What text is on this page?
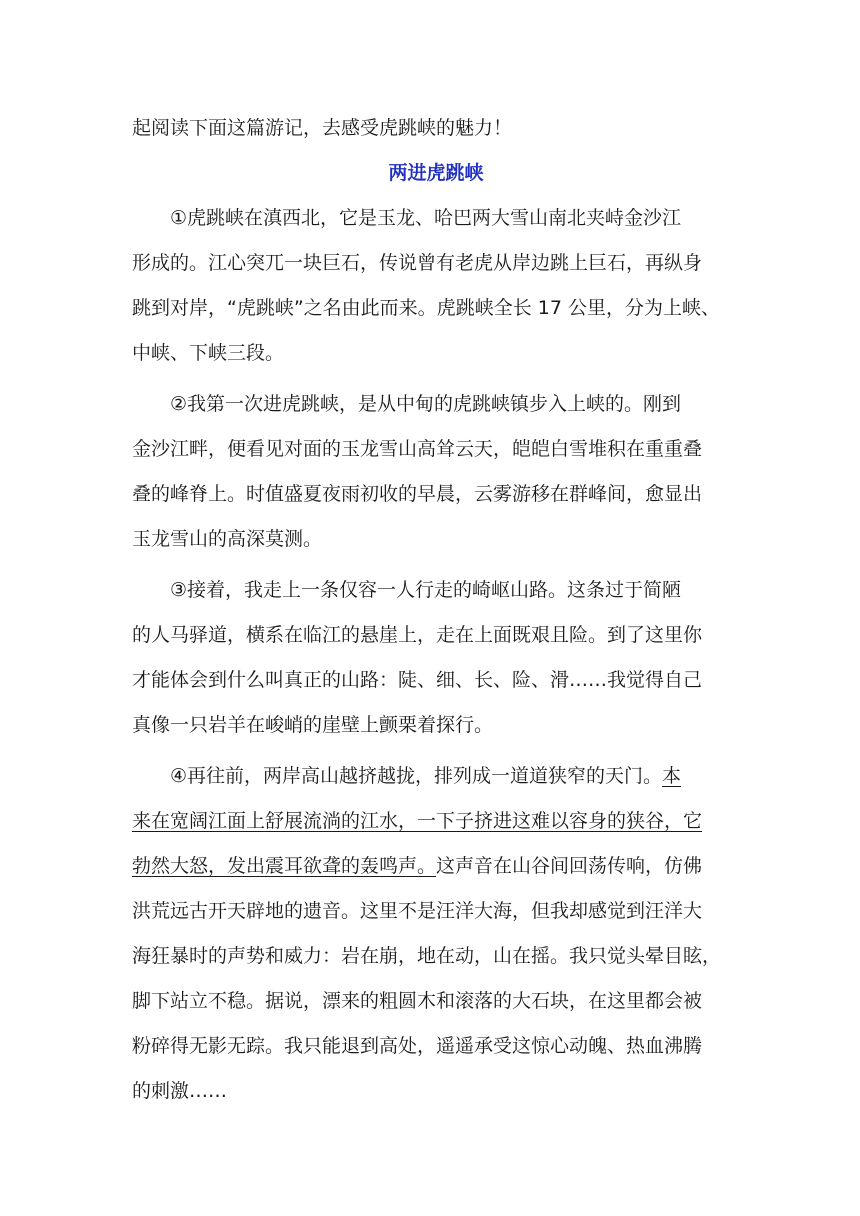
起阅读下面这篇游记，去感受虎跳峡的魅力！
两进虎跳峡
①虎跳峡在滇西北，它是玉龙、哈巴两大雪山南北夹峙金沙江
形成的。江心突兀一块巨石，传说曾有老虎从岸边跳上巨石，再纵身
跳到对岸，“虎跳峡”之名由此而来。虎跳峡全长 17 公里，分为上峡、
中峡、下峡三段。
②我第一次进虎跳峡，是从中甸的虎跳峡镇步入上峡的。刚到
金沙江畔，便看见对面的玉龙雪山高耸云天，皑皑白雪堆积在重重叠
叠的峰脊上。时值盛夏夜雨初收的早晨，云雾游移在群峰间，愈显出
玉龙雪山的高深莫测。
③接着，我走上一条仅容一人行走的崎岖山路。这条过于简陋
的人马驿道，横系在临江的悬崖上，走在上面既艰且险。到了这里你
才能体会到什么叫真正的山路：陡、细、长、险、滑……我觉得自己
真像一只岩羊在峻峭的崖壁上颤栗着探行。
④再往前，两岸高山越挤越拢，排列成一道道狭窄的天门。本
来在宽阔江面上舒展流淌的江水，一下子挤进这难以容身的狭谷，它
勃然大怒，发出震耳欲聋的轰鸣声。这声音在山谷间回荡传响，仿佛
洪荒远古开天辟地的遗音。这里不是汪洋大海，但我却感觉到汪洋大
海狂暴时的声势和威力：岩在崩，地在动，山在摇。我只觉头晕目眩，
脚下站立不稳。据说，漂来的粗圆木和滚落的大石块，在这里都会被
粉碎得无影无踪。我只能退到高处，遥遥承受这惊心动魄、热血沸腾
的刺激……
